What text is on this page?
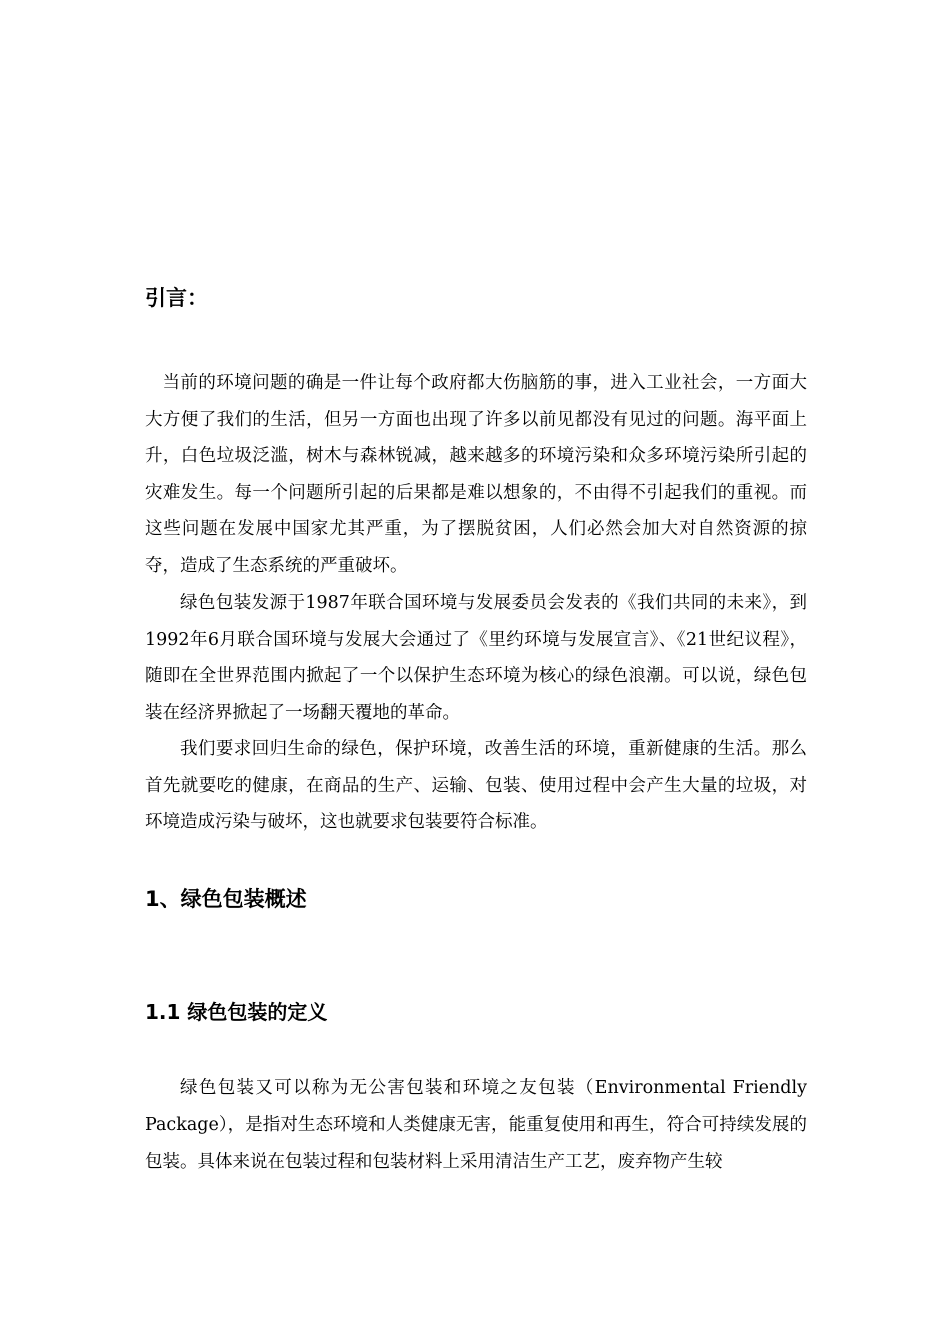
引言：

当前的环境问题的确是一件让每个政府都大伤脑筋的事，进入工业社会，一方面大大方便了我们的生活，但另一方面也出现了许多以前见都没有见过的问题。海平面上升，白色垃圾泛滥，树木与森林锐减，越来越多的环境污染和众多环境污染所引起的灾难发生。每一个问题所引起的后果都是难以想象的，不由得不引起我们的重视。而这些问题在发展中国家尤其严重，为了摆脱贫困，人们必然会加大对自然资源的掠夺，造成了生态系统的严重破坏。

绿色包装发源于1987年联合国环境与发展委员会发表的《我们共同的未来》，到1992年6月联合国环境与发展大会通过了《里约环境与发展宣言》、《21世纪议程》，随即在全世界范围内掀起了一个以保护生态环境为核心的绿色浪潮。可以说，绿色包装在经济界掀起了一场翻天覆地的革命。

我们要求回归生命的绿色，保护环境，改善生活的环境，重新健康的生活。那么首先就要吃的健康，在商品的生产、运输、包装、使用过程中会产生大量的垃圾，对环境造成污染与破坏，这也就要求包装要符合标准。

1、绿色包装概述
1.1 绿色包装的定义

绿色包装又可以称为无公害包装和环境之友包装（Environmental Friendly Package），是指对生态环境和人类健康无害，能重复使用和再生，符合可持续发展的包装。具体来说在包装过程和包装材料上采用清洁生产工艺，废弃物产生较
